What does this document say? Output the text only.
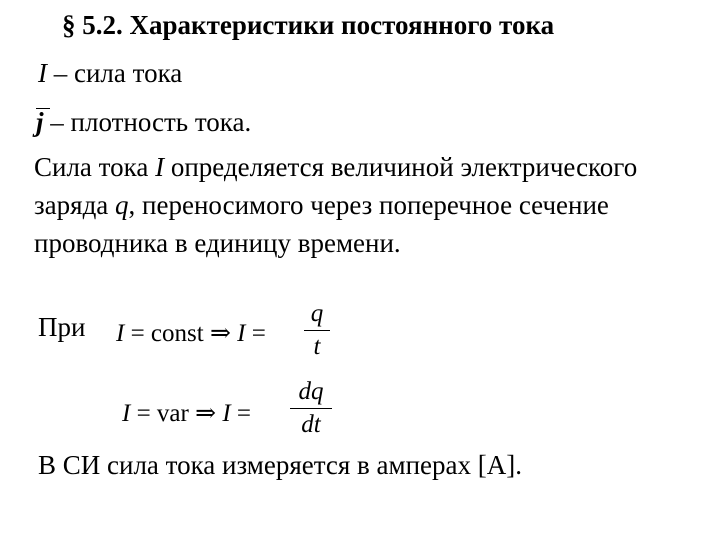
§ 5.2. Характеристики постоянного тока
I – сила тока
j – плотность тока.
Сила тока I определяется величиной электрического заряда q, переносимого через поперечное сечение проводника в единицу времени.
При I = const ⇒ I =
q
t
I = var ⇒ I =
dq
dt
В СИ сила тока измеряется в амперах [А].
